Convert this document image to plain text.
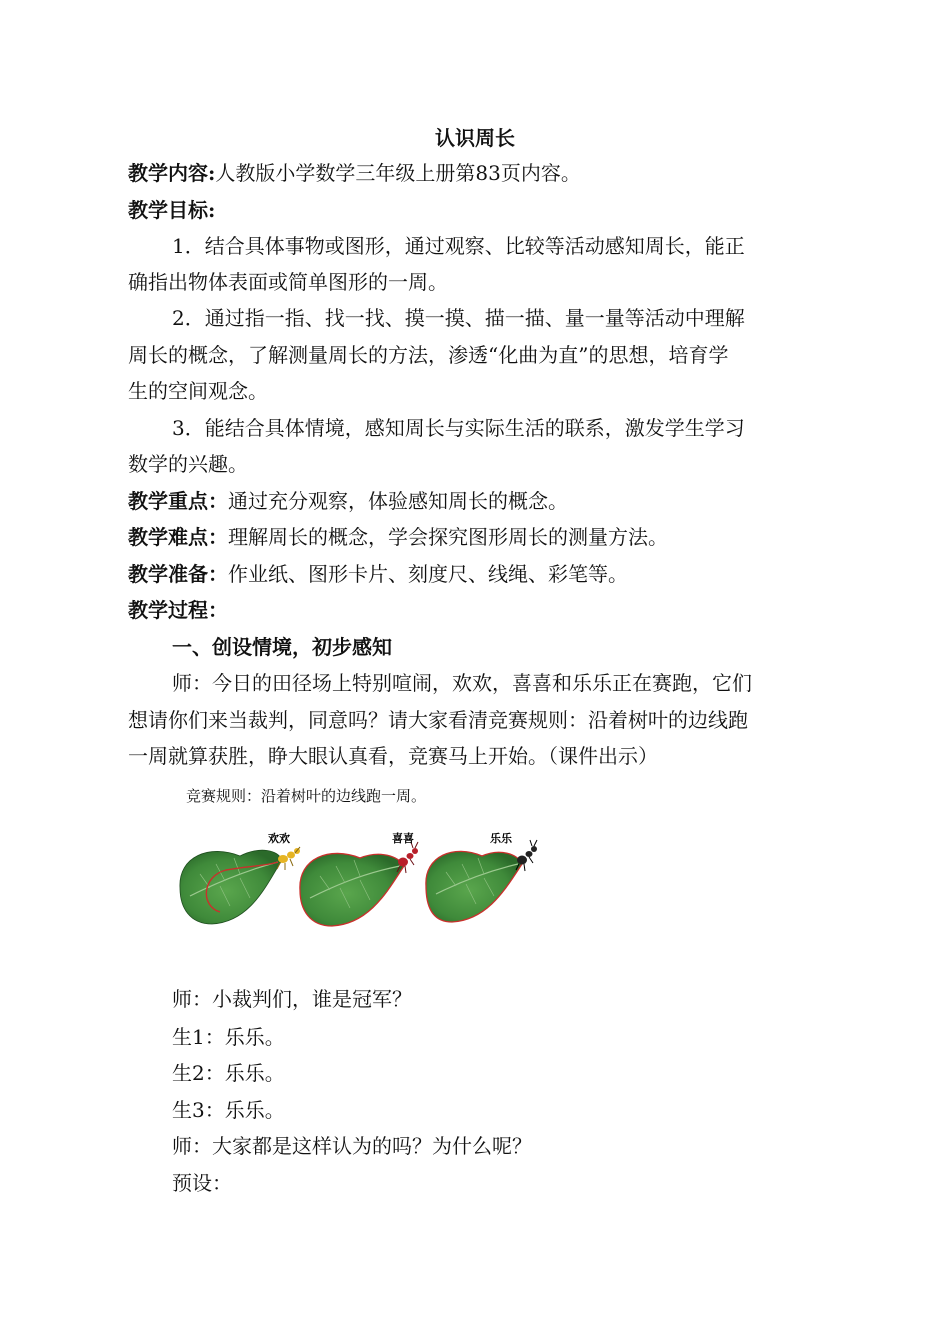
认识周长
教学内容:人教版小学数学三年级上册第83页内容。
教学目标:
1．结合具体事物或图形，通过观察、比较等活动感知周长，能正
确指出物体表面或简单图形的一周。
2．通过指一指、找一找、摸一摸、描一描、量一量等活动中理解
周长的概念，了解测量周长的方法，渗透“化曲为直”的思想，培育学
生的空间观念。
3．能结合具体情境，感知周长与实际生活的联系，激发学生学习
数学的兴趣。
教学重点：通过充分观察，体验感知周长的概念。
教学难点：理解周长的概念，学会探究图形周长的测量方法。
教学准备：作业纸、图形卡片、刻度尺、线绳、彩笔等。
教学过程：
一、创设情境，初步感知
师：今日的田径场上特别喧闹，欢欢，喜喜和乐乐正在赛跑，它们
想请你们来当裁判，同意吗？请大家看清竞赛规则：沿着树叶的边线跑
一周就算获胜，睁大眼认真看，竞赛马上开始。（课件出示）
竞赛规则：沿着树叶的边线跑一周。
欢欢	喜喜	乐乐
师：小裁判们，谁是冠军？
生1：乐乐。
生2：乐乐。
生3：乐乐。
师：大家都是这样认为的吗？为什么呢？
预设：
